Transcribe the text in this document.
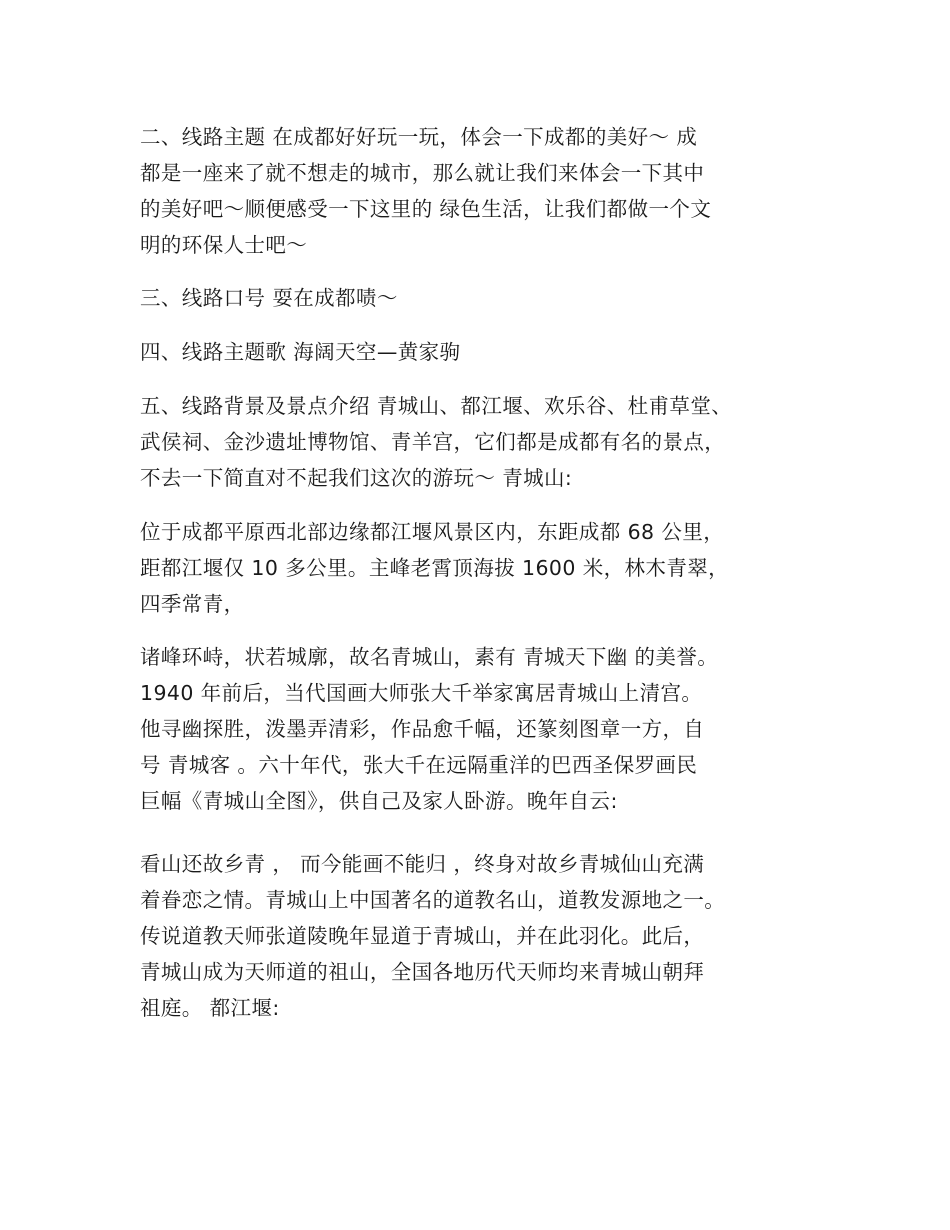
二、线路主题 在成都好好玩一玩，体会一下成都的美好～ 成
都是一座来了就不想走的城市，那么就让我们来体会一下其中
的美好吧～顺便感受一下这里的 绿色生活，让我们都做一个文
明的环保人士吧～
三、线路口号 耍在成都啧～
四、线路主题歌 海阔天空—黄家驹
五、线路背景及景点介绍 青城山、都江堰、欢乐谷、杜甫草堂、
武侯祠、金沙遗址博物馆、青羊宫，它们都是成都有名的景点，
不去一下简直对不起我们这次的游玩～ 青城山:
位于成都平原西北部边缘都江堰风景区内，东距成都 68 公里，
距都江堰仅 10 多公里。主峰老霄顶海拔 1600 米，林木青翠，
四季常青，
诸峰环峙，状若城廓，故名青城山，素有 青城天下幽 的美誉。
1940 年前后，当代国画大师张大千举家寓居青城山上清宫。
他寻幽探胜，泼墨弄清彩，作品愈千幅，还篆刻图章一方，自
号 青城客 。六十年代，张大千在远隔重洋的巴西圣保罗画民
巨幅《青城山全图》，供自己及家人卧游。晚年自云:
看山还故乡青 ， 而今能画不能归 ，终身对故乡青城仙山充满
着眷恋之情。青城山上中国著名的道教名山，道教发源地之一。
传说道教天师张道陵晚年显道于青城山，并在此羽化。此后，
青城山成为天师道的祖山，全国各地历代天师均来青城山朝拜
祖庭。 都江堰:
